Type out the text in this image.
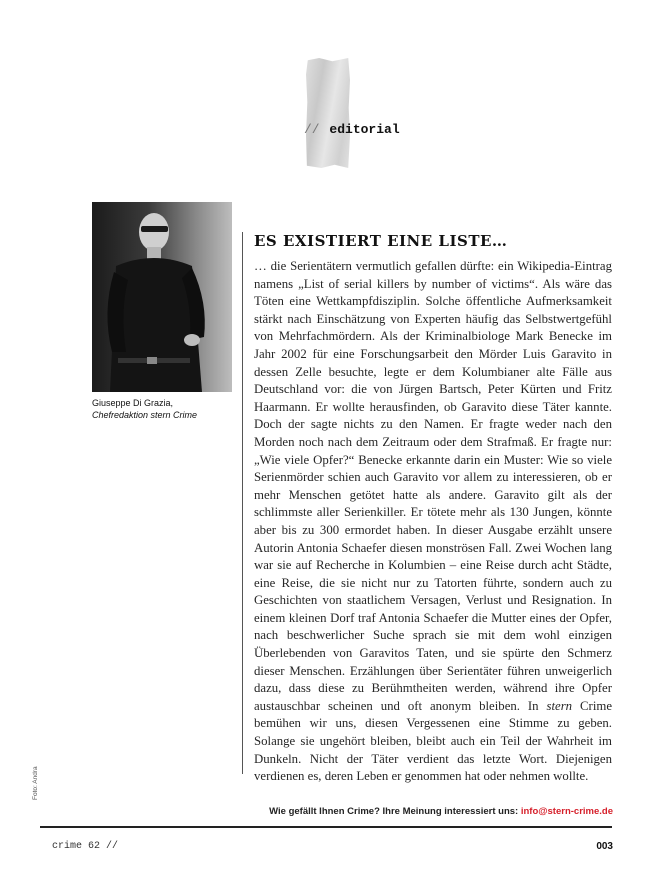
// editorial
Giuseppe Di Grazia,
Chefredaktion stern Crime
ES EXISTIERT EINE LISTE…

… die Serientätern vermutlich gefallen dürfte: ein Wikipedia-Eintrag namens „List of serial killers by number of victims“. Als wäre das Töten eine Wettkampfdisziplin. Solche öffentliche Aufmerksamkeit stärkt nach Einschätzung von Experten häufig das Selbstwertgefühl von Mehrfachmördern. Als der Kriminalbiologe Mark Benecke im Jahr 2002 für eine Forschungsarbeit den Mörder Luis Garavito in dessen Zelle besuchte, legte er dem Kolumbianer alte Fälle aus Deutschland vor: die von Jürgen Bartsch, Peter Kürten und Fritz Haarmann. Er wollte herausfinden, ob Garavito diese Täter kannte. Doch der sagte nichts zu den Namen. Er fragte weder nach den Morden noch nach dem Zeitraum oder dem Strafmaß. Er fragte nur: „Wie viele Opfer?“ Benecke erkannte darin ein Muster: Wie so viele Serienmörder schien auch Garavito vor allem zu interessieren, ob er mehr Menschen getötet hatte als andere. Garavito gilt als der schlimmste aller Serienkiller. Er tötete mehr als 130 Jungen, könnte aber bis zu 300 ermordet haben. In dieser Ausgabe erzählt unsere Autorin Antonia Schaefer diesen monströsen Fall. Zwei Wochen lang war sie auf Recherche in Kolumbien – eine Reise durch acht Städte, eine Reise, die sie nicht nur zu Tatorten führte, sondern auch zu Geschichten von staatlichem Versagen, Verlust und Resignation. In einem kleinen Dorf traf Antonia Schaefer die Mutter eines der Opfer, nach beschwerlicher Suche sprach sie mit dem wohl einzigen Überlebenden von Garavitos Taten, und sie spürte den Schmerz dieser Menschen. Erzählungen über Serientäter führen unweigerlich dazu, dass diese zu Berühmtheiten werden, während ihre Opfer austauschbar scheinen und oft anonym bleiben. In stern Crime bemühen wir uns, diesen Vergessenen eine Stimme zu geben. Solange sie ungehört bleiben, bleibt auch ein Teil der Wahrheit im Dunkeln. Nicht der Täter verdient das letzte Wort. Diejenigen verdienen es, deren Leben er genommen hat oder nehmen wollte.

Foto: Andra
Wie gefällt Ihnen Crime? Ihre Meinung interessiert uns: info@stern-crime.de
crime 62 //	003
